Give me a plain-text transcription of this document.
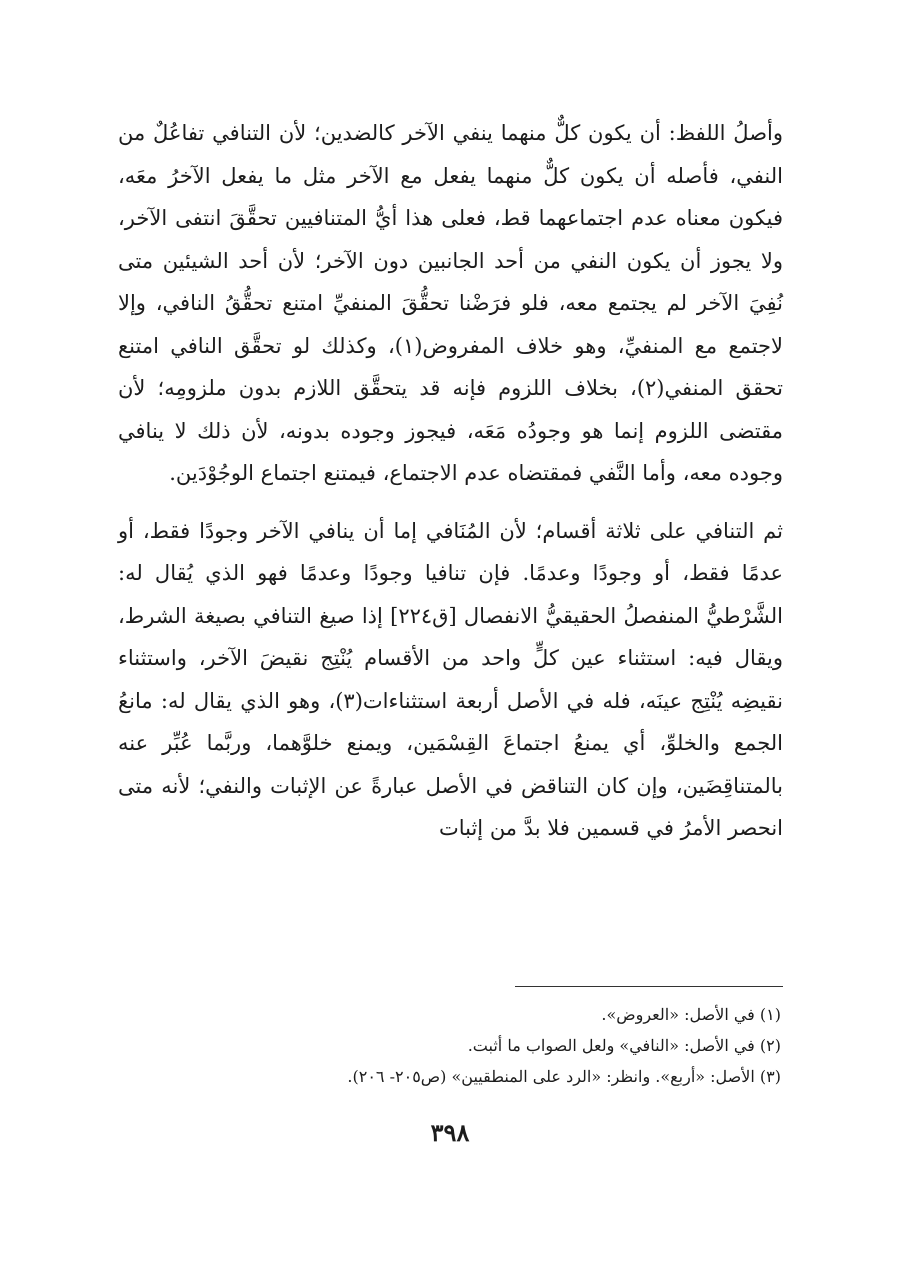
وأصلُ اللفظ: أن يكون كلٌّ منهما ينفي الآخر كالضدين؛ لأن التنافي تفاعُلٌ من النفي، فأصله أن يكون كلٌّ منهما يفعل مع الآخر مثل ما يفعل الآخرُ معَه، فيكون معناه عدم اجتماعهما قط، فعلى هذا أيُّ المتنافيين تحقَّقَ انتفى الآخر، ولا يجوز أن يكون النفي من أحد الجانبين دون الآخر؛ لأن أحد الشيئين متى نُفِيَ الآخر لم يجتمع معه، فلو فرَضْنا تحقُّقَ المنفيِّ امتنع تحقُّقُ النافي، وإلا لاجتمع مع المنفيِّ، وهو خلاف المفروض(١)، وكذلك لو تحقَّق النافي امتنع تحقق المنفي(٢)، بخلاف اللزوم فإنه قد يتحقَّق اللازم بدون ملزومِه؛ لأن مقتضى اللزوم إنما هو وجودُه مَعَه، فيجوز وجوده بدونه، لأن ذلك لا ينافي وجوده معه، وأما النَّفي فمقتضاه عدم الاجتماع، فيمتنع اجتماع الوجُوْدَين.

ثم التنافي على ثلاثة أقسام؛ لأن المُنَافي إما أن ينافي الآخر وجودًا فقط، أو عدمًا فقط، أو وجودًا وعدمًا. فإن تنافيا وجودًا وعدمًا فهو الذي يُقال له: الشَّرْطيُّ المنفصلُ الحقيقيُّ الانفصال [ق٢٢٤] إذا صيغ التنافي بصيغة الشرط، ويقال فيه: استثناء عين كلٍّ واحد من الأقسام يُنْتِج نقيضَ الآخر، واستثناء نقيضِه يُنْتِج عينَه، فله في الأصل أربعة استثناءات(٣)، وهو الذي يقال له: مانعُ الجمع والخلوِّ، أي يمنعُ اجتماعَ القِسْمَين، ويمنع خلوَّهما، وربَّما عُبِّر عنه بالمتناقِضَين، وإن كان التناقض في الأصل عبارةً عن الإثبات والنفي؛ لأنه متى انحصر الأمرُ في قسمين فلا بدَّ من إثبات

(١) في الأصل: «العروض».

(٢) في الأصل: «النافي» ولعل الصواب ما أثبت.

(٣) الأصل: «أربع». وانظر: «الرد على المنطقيين» (ص٢٠٥- ٢٠٦).

٣٩٨
